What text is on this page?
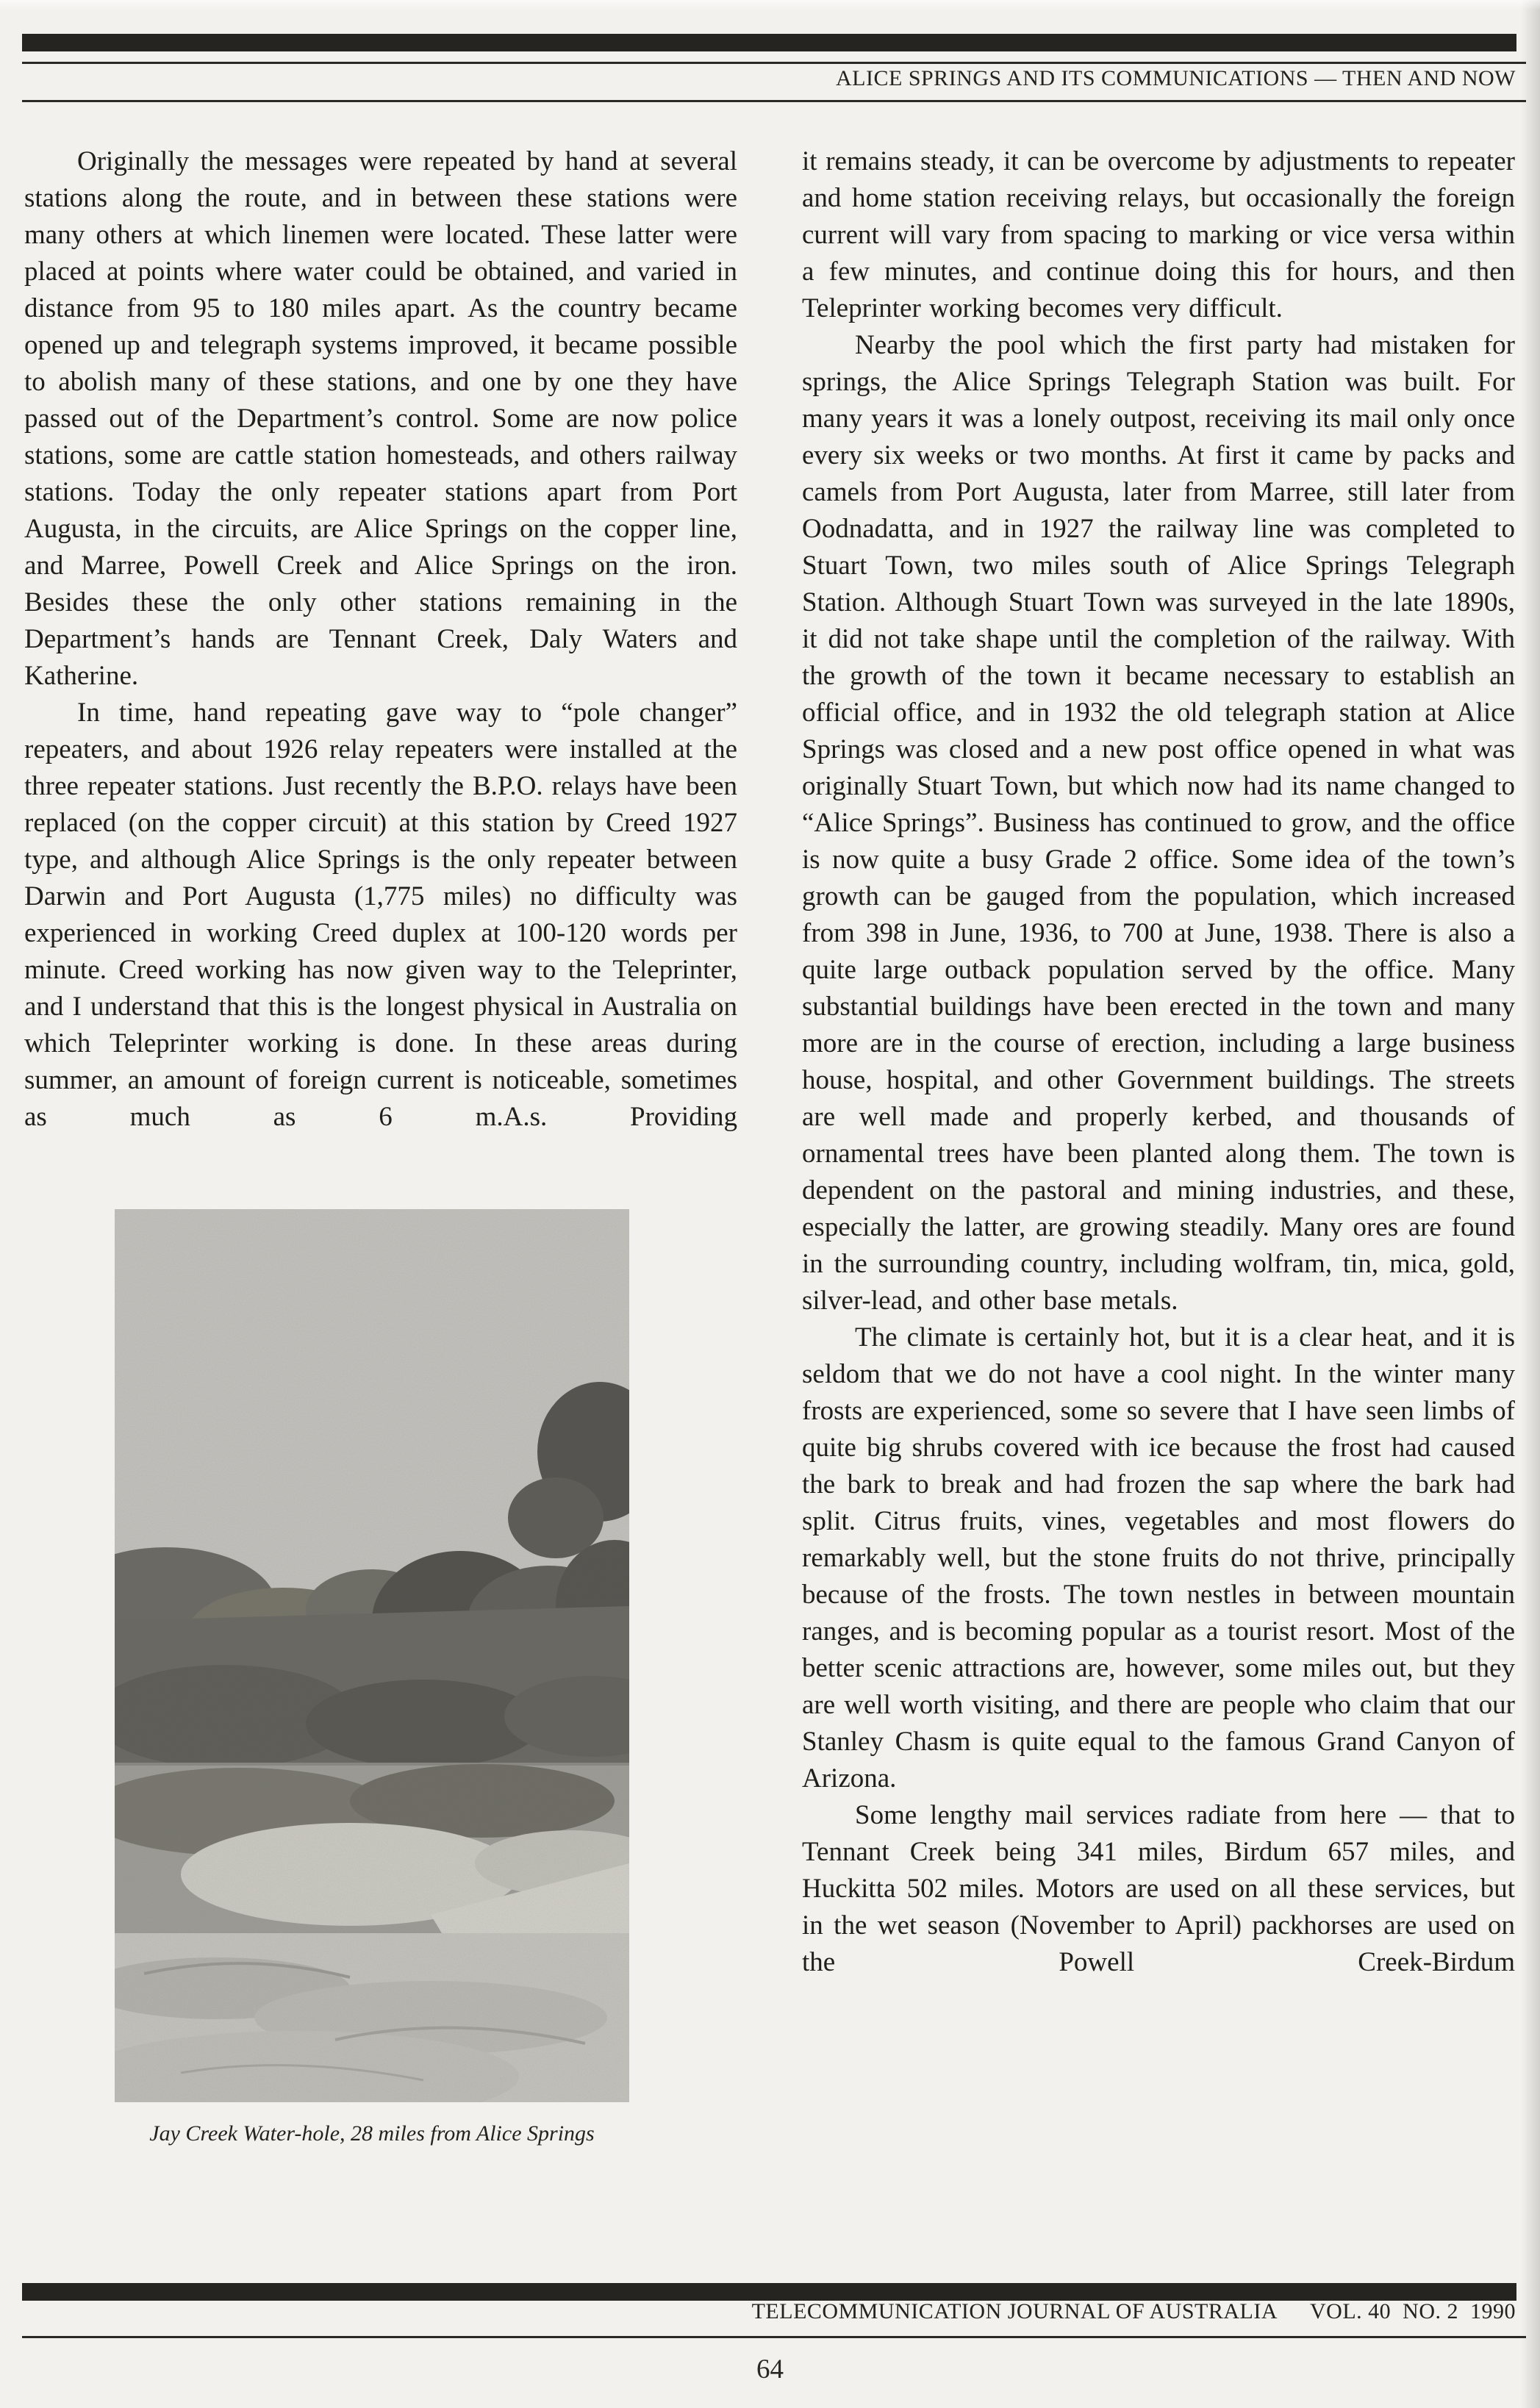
ALICE SPRINGS AND ITS COMMUNICATIONS — THEN AND NOW

Originally the messages were repeated by hand at several stations along the route, and in between these stations were many others at which linemen were located. These latter were placed at points where water could be obtained, and varied in distance from 95 to 180 miles apart. As the country became opened up and telegraph systems improved, it became possible to abolish many of these stations, and one by one they have passed out of the Department’s control. Some are now police stations, some are cattle station homesteads, and others railway stations. Today the only repeater stations apart from Port Augusta, in the circuits, are Alice Springs on the copper line, and Marree, Powell Creek and Alice Springs on the iron. Besides these the only other stations remaining in the Department’s hands are Tennant Creek, Daly Waters and Katherine.

In time, hand repeating gave way to “pole changer” repeaters, and about 1926 relay repeaters were installed at the three repeater stations. Just recently the B.P.O. relays have been replaced (on the copper circuit) at this station by Creed 1927 type, and although Alice Springs is the only repeater between Darwin and Port Augusta (1,775 miles) no difficulty was experienced in working Creed duplex at 100-120 words per minute. Creed working has now given way to the Teleprinter, and I understand that this is the longest physical in Australia on which Teleprinter working is done. In these areas during summer, an amount of foreign current is noticeable, sometimes as much as 6 m.A.s. Providing

Jay Creek Water-hole, 28 miles from Alice Springs

it remains steady, it can be overcome by adjustments to repeater and home station receiving relays, but occasionally the foreign current will vary from spacing to marking or vice versa within a few minutes, and continue doing this for hours, and then Teleprinter working becomes very difficult.

Nearby the pool which the first party had mistaken for springs, the Alice Springs Telegraph Station was built. For many years it was a lonely outpost, receiving its mail only once every six weeks or two months. At first it came by packs and camels from Port Augusta, later from Marree, still later from Oodnadatta, and in 1927 the railway line was completed to Stuart Town, two miles south of Alice Springs Telegraph Station. Although Stuart Town was surveyed in the late 1890s, it did not take shape until the completion of the railway. With the growth of the town it became necessary to establish an official office, and in 1932 the old telegraph station at Alice Springs was closed and a new post office opened in what was originally Stuart Town, but which now had its name changed to “Alice Springs”. Business has continued to grow, and the office is now quite a busy Grade 2 office. Some idea of the town’s growth can be gauged from the population, which increased from 398 in June, 1936, to 700 at June, 1938. There is also a quite large outback population served by the office. Many substantial buildings have been erected in the town and many more are in the course of erection, including a large business house, hospital, and other Government buildings. The streets are well made and properly kerbed, and thousands of ornamental trees have been planted along them. The town is dependent on the pastoral and mining industries, and these, especially the latter, are growing steadily. Many ores are found in the surrounding country, including wolfram, tin, mica, gold, silver-lead, and other base metals.

The climate is certainly hot, but it is a clear heat, and it is seldom that we do not have a cool night. In the winter many frosts are experienced, some so severe that I have seen limbs of quite big shrubs covered with ice because the frost had caused the bark to break and had frozen the sap where the bark had split. Citrus fruits, vines, vegetables and most flowers do remarkably well, but the stone fruits do not thrive, principally because of the frosts. The town nestles in between mountain ranges, and is becoming popular as a tourist resort. Most of the better scenic attractions are, however, some miles out, but they are well worth visiting, and there are people who claim that our Stanley Chasm is quite equal to the famous Grand Canyon of Arizona.

Some lengthy mail services radiate from here — that to Tennant Creek being 341 miles, Birdum 657 miles, and Huckitta 502 miles. Motors are used on all these services, but in the wet season (November to April) packhorses are used on the Powell Creek-Birdum

TELECOMMUNICATION JOURNAL OF AUSTRALIA VOL. 40  NO. 2  1990
64
